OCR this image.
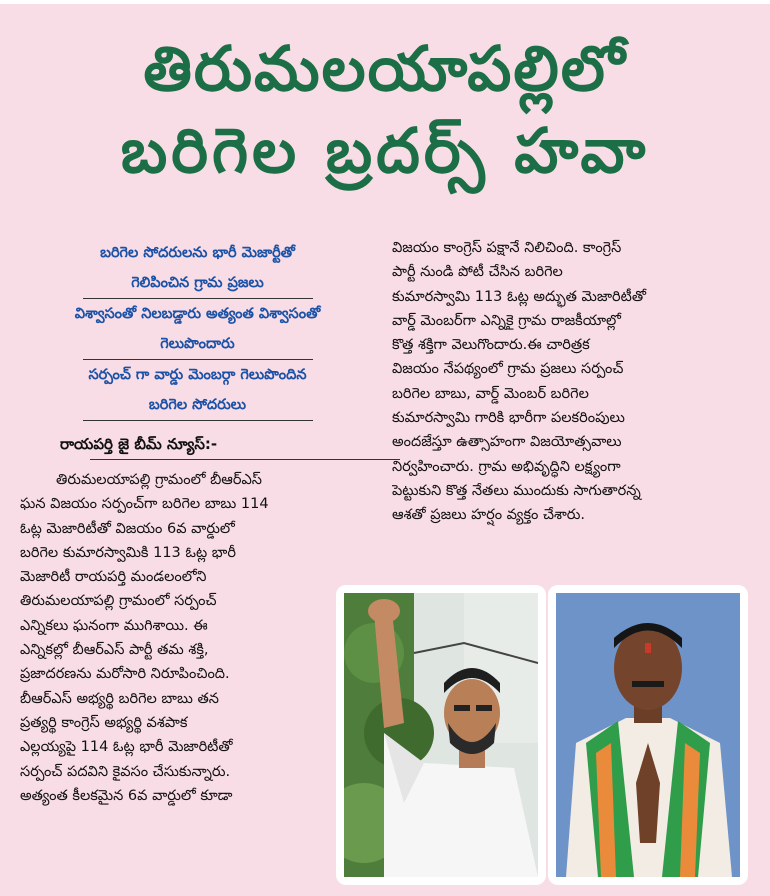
తిరుమలయాపల్లిలో
బరిగెల బ్రదర్స్ హవా
బరిగెల సోదరులను భారీ మెజార్టీతో
గెలిపించిన గ్రామ ప్రజలు
విశ్వాసంతో నిలబడ్డారు అత్యంత విశ్వాసంతో
గెలుపొందారు
సర్పంచ్ గా వార్డు మెంబర్గా గెలుపొందిన
బరిగెల సోదరులు
రాయపర్తి జై బీమ్ న్యూస్:-
తిరుమలయాపల్లి గ్రామంలో బీఆర్ఎస్
ఘన విజయం సర్పంచ్‌గా బరిగెల బాబు 114
ఓట్ల మెజారిటీతో విజయం 6వ వార్డులో
బరిగెల కుమారస్వామికి 113 ఓట్ల భారీ
మెజారిటీ రాయపర్తి మండలంలోని
తిరుమలయాపల్లి గ్రామంలో సర్పంచ్
ఎన్నికలు ఘనంగా ముగిశాయి. ఈ
ఎన్నికల్లో బీఆర్ఎస్ పార్టీ తమ శక్తి,
ప్రజాదరణను మరోసారి నిరూపించింది.
బీఆర్ఎస్ అభ్యర్థి బరిగెల బాబు తన
ప్రత్యర్థి కాంగ్రెస్ అభ్యర్థి వశపాక
ఎల్లయ్యపై 114 ఓట్ల భారీ మెజారిటీతో
సర్పంచ్ పదవిని కైవసం చేసుకున్నారు.
అత్యంత కీలకమైన 6వ వార్డులో కూడా
విజయం కాంగ్రెస్ పక్షానే నిలిచింది. కాంగ్రెస్
పార్టీ నుండి పోటీ చేసిన బరిగెల
కుమారస్వామి 113 ఓట్ల అద్భుత మెజారిటీతో
వార్డ్ మెంబర్‌గా ఎన్నికై గ్రామ రాజకీయాల్లో
కొత్త శక్తిగా వెలుగొందారు.ఈ చారిత్రక
విజయం నేపథ్యంలో గ్రామ ప్రజలు సర్పంచ్
బరిగెల బాబు, వార్డ్ మెంబర్ బరిగెల
కుమారస్వామి గారికి భారీగా పలకరింపులు
అందజేస్తూ ఉత్సాహంగా విజయోత్సవాలు
నిర్వహించారు. గ్రామ అభివృద్ధిని లక్ష్యంగా
పెట్టుకుని కొత్త నేతలు ముందుకు సాగుతారన్న
ఆశతో ప్రజలు హర్షం వ్యక్తం చేశారు.
